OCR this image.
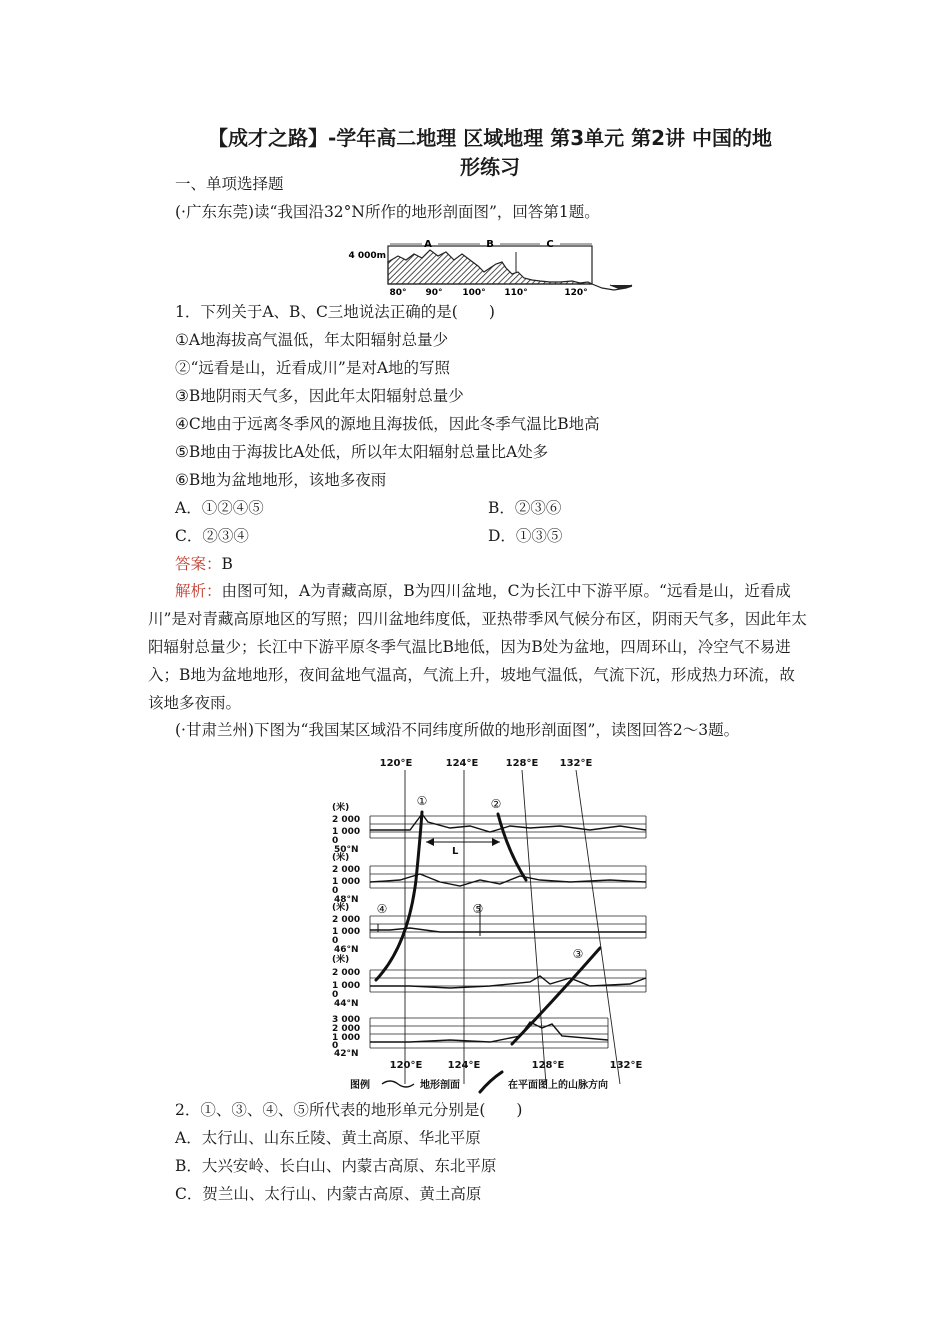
【成才之路】-学年高二地理 区域地理 第3单元 第2讲 中国的地
形练习
一、单项选择题
(·广东东莞)读“我国沿32°N所作的地形剖面图”，回答第1题。
A	B	C
4 000m
80° 90° 100° 110°	120°
1．下列关于A、B、C三地说法正确的是(　　)
①A地海拔高气温低，年太阳辐射总量少
②“远看是山，近看成川”是对A地的写照
③B地阴雨天气多，因此年太阳辐射总量少
④C地由于远离冬季风的源地且海拔低，因此冬季气温比B地高
⑤B地由于海拔比A处低，所以年太阳辐射总量比A处多
⑥B地为盆地地形，该地多夜雨
A．①②④⑤	B．②③⑥
C．②③④	D．①③⑤
答案：B
解析：由图可知，A为青藏高原，B为四川盆地，C为长江中下游平原。“远看是山，近看成川”是对青藏高原地区的写照；四川盆地纬度低，亚热带季风气候分布区，阴雨天气多，因此年太阳辐射总量少；长江中下游平原冬季气温比B地低，因为B处为盆地，四周环山，冷空气不易进入；B地为盆地地形，夜间盆地气温高，气流上升，坡地气温低，气流下沉，形成热力环流，故该地多夜雨。
(·甘肃兰州)下图为“我国某区域沿不同纬度所做的地形剖面图”，读图回答2～3题。
120°E	124°E	128°E 132°E
(米)
2 000
1 000
0
50°N
(米)
2 000
1 000
0
48°N
(米)
2 000
1 000
0
46°N
(米)
2 000
1 000
0
44°N
3 000
2 000
1 000
0
42°N
①	②
③
④	⑤
L
120°E	124°E	128°E	132°E
图例	地形剖面	在平面图上的山脉方向
2．①、③、④、⑤所代表的地形单元分别是(　　)
A．太行山、山东丘陵、黄土高原、华北平原
B．大兴安岭、长白山、内蒙古高原、东北平原
C．贺兰山、太行山、内蒙古高原、黄土高原
